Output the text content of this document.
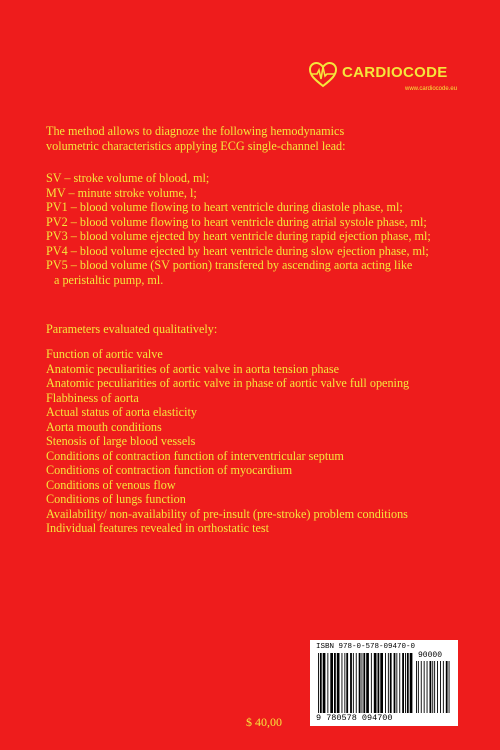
CARDIOCODE
www.cardiocode.eu
The method allows to diagnoze the following hemodynamics
volumetric characteristics applying ECG single-channel lead:
SV – stroke volume of blood, ml;
MV – minute stroke volume, l;
PV1 – blood volume flowing to heart ventricle during diastole phase, ml;
PV2 – blood volume flowing to heart ventricle during atrial systole phase, ml;
PV3 – blood volume ejected by heart ventricle during rapid ejection phase, ml;
PV4 – blood volume ejected by heart ventricle during slow ejection phase, ml;
PV5 – blood volume (SV portion) transfered by ascending aorta acting like
a peristaltic pump, ml.
Parameters evaluated qualitatively:
Function of aortic valve
Anatomic peculiarities of aortic valve in aorta tension phase
Anatomic peculiarities of aortic valve in phase of aortic valve full opening
Flabbiness of aorta
Actual status of aorta elasticity
Aorta mouth conditions
Stenosis of large blood vessels
Conditions of contraction function of interventricular septum
Conditions of contraction function of myocardium
Conditions of venous flow
Conditions of lungs function
Availability/ non-availability of pre-insult (pre-stroke) problem conditions
Individual features revealed in orthostatic test
ISBN 978-0-578-09470-0
90000
9 780578 094700
$ 40,00
